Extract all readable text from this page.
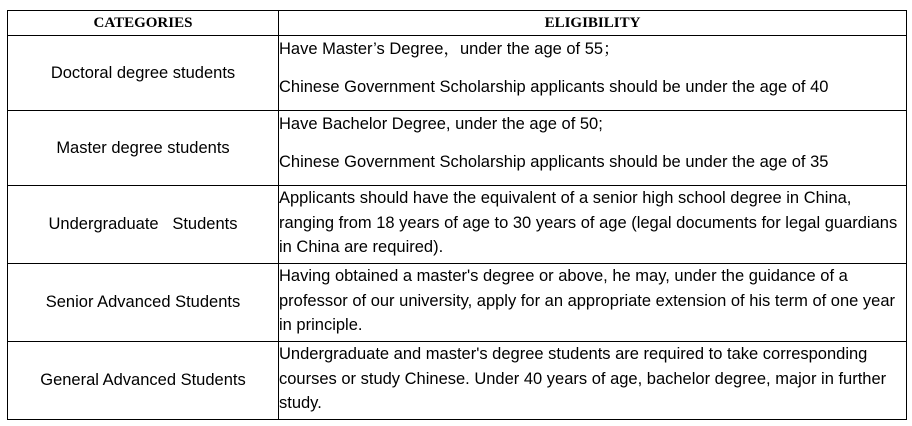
CATEGORIES	ELIGIBILITY
Doctoral degree students	Have Master’s Degree，under the age of 55；
Chinese Government Scholarship applicants should be under the age of 40

Master degree students	Have Bachelor Degree, under the age of 50;
Chinese Government Scholarship applicants should be under the age of 35

Undergraduate   Students	Applicants should have the equivalent of a senior high school degree in China, ranging from 18 years of age to 30 years of age (legal documents for legal guardians in China are required).

Senior Advanced Students	Having obtained a master's degree or above, he may, under the guidance of a professor of our university, apply for an appropriate extension of his term of one year in principle.

General Advanced Students	Undergraduate and master's degree students are required to take corresponding courses or study Chinese. Under 40 years of age, bachelor degree, major in further study.
